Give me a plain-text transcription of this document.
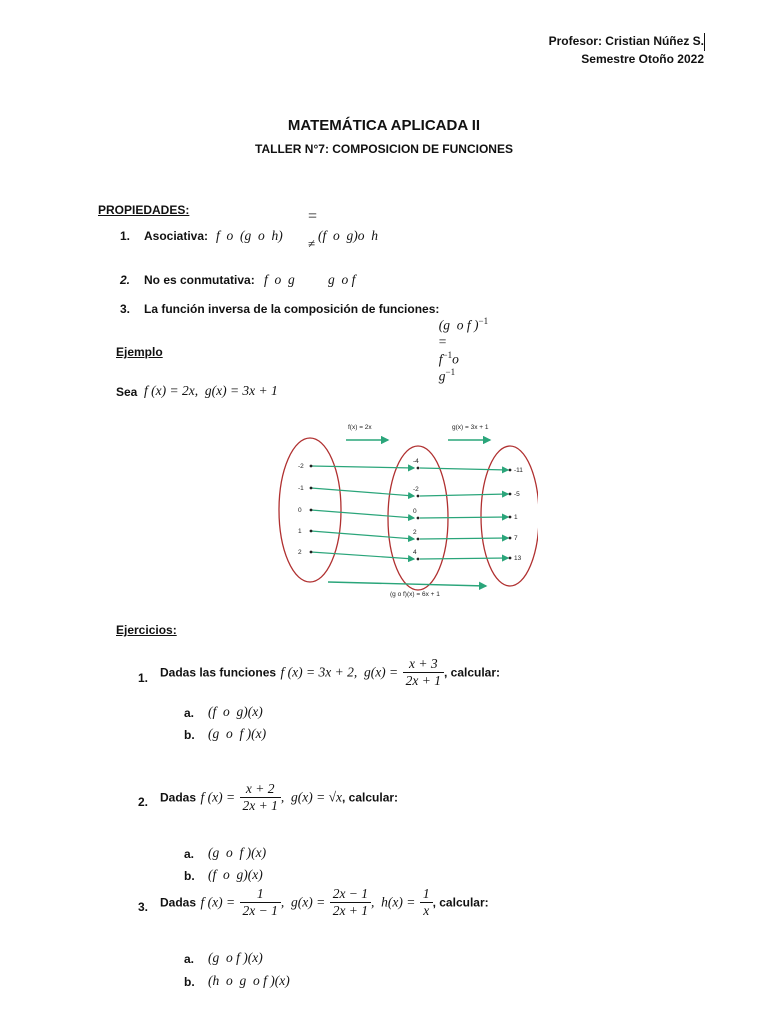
Profesor: Cristian Núñez S.
Semestre Otoño 2022
MATEMÁTICA APLICADA II
TALLER N°7: COMPOSICION DE FUNCIONES
PROPIEDADES:
1. Asociativa: f  o  (g  o  h)
=
≠
(f  o  g)o  h
2. No es conmutativa: f  o  g g  o f
3. La función inversa de la composición de funciones:

(g  o f )$^{-1}$
=
$f^{-1}o$
$g^{-1}$

Ejemplo
Sea f (x) = 2x,  g(x) = 3x + 1
f(x) = 2x	g(x) = 3x + 1
-2
-4
-11
-1	-2
-5
0	0
1
1	2
7
2	4
13
(g o f)(x) = 6x + 1
Ejercicios:
1. Dadas las funciones f (x) = 3x + 2,  $g(x) = \frac{x + 3}{2x + 1}$ , calcular:
a. (f  o  g)(x)
b. (g  o  f )(x)
2. Dadas f $(x) = \frac{x + 2}{2x + 1}$ ,  g(x) = √x, calcular:
a. (g  o  f )(x)
b. (f  o  g)(x)
3. Dadas f $(x) = \frac{1}{2x - 1}$ ,  $g(x) = \frac{2x - 1}{2x + 1}$ ,  $h(x) = \frac{1}{x}$ , calcular:
a. (g  o f )(x)
b. (h  o  g  o f )(x)
